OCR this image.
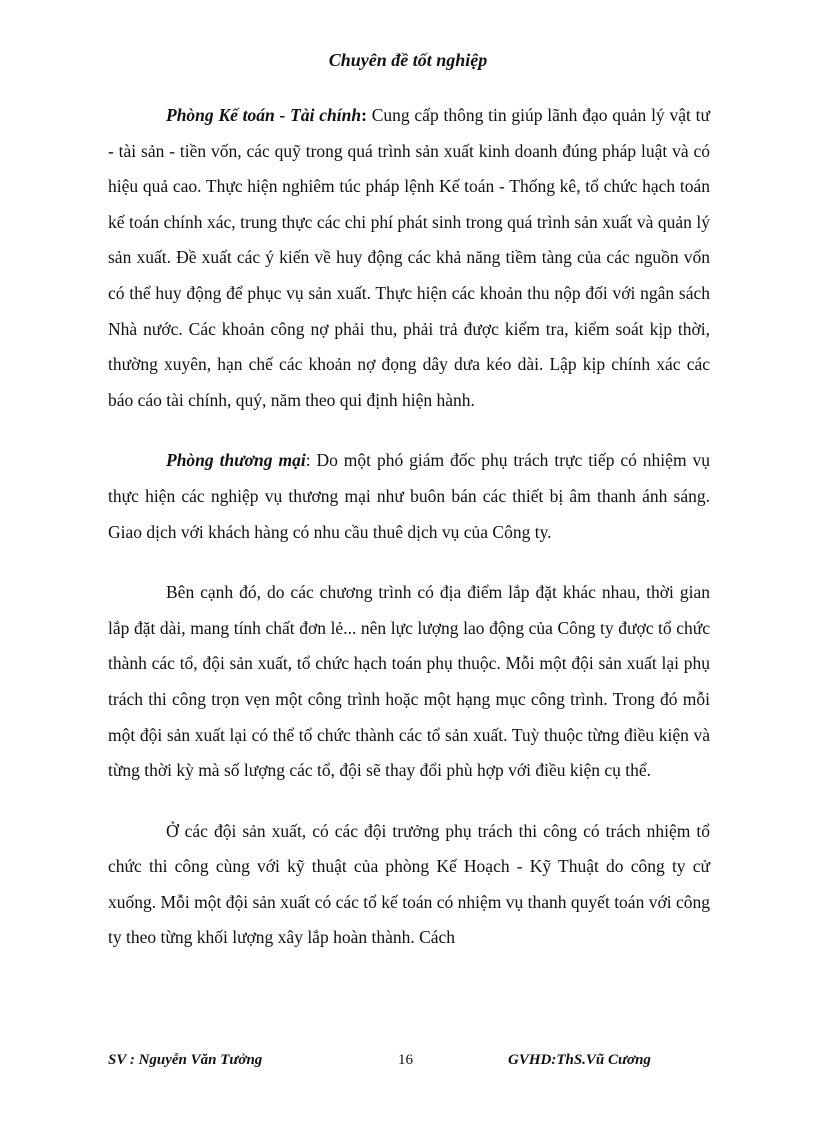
Chuyên đề tốt nghiệp

Phòng Kế toán - Tài chính: Cung cấp thông tin giúp lãnh đạo quản lý vật tư - tài sản - tiền vốn, các quỹ trong quá trình sản xuất kinh doanh đúng pháp luật và có hiệu quả cao. Thực hiện nghiêm túc pháp lệnh Kế toán - Thống kê, tổ chức hạch toán kế toán chính xác, trung thực các chi phí phát sinh trong quá trình sản xuất và quản lý sản xuất. Đề xuất các ý kiến về huy động các khả năng tiềm tàng của các nguồn vốn có thể huy động để phục vụ sản xuất. Thực hiện các khoản thu nộp đối với ngân sách Nhà nước. Các khoản công nợ phải thu, phải trả được kiểm tra, kiểm soát kịp thời, thường xuyên, hạn chế các khoản nợ đọng dây dưa kéo dài. Lập kịp chính xác các báo cáo tài chính, quý, năm theo qui định hiện hành.

Phòng thương mại: Do một phó giám đốc phụ trách trực tiếp có nhiệm vụ thực hiện các nghiệp vụ thương mại như buôn bán các thiết bị âm thanh ánh sáng. Giao dịch với khách hàng có nhu cầu thuê dịch vụ của Công ty.

Bên cạnh đó, do các chương trình có địa điểm lắp đặt khác nhau, thời gian lắp đặt dài, mang tính chất đơn lẻ... nên lực lượng lao động của Công ty được tổ chức thành các tổ, đội sản xuất, tổ chức hạch toán phụ thuộc. Mỗi một đội sản xuất lại phụ trách thi công trọn vẹn một công trình hoặc một hạng mục công trình. Trong đó mỗi một đội sản xuất lại có thể tổ chức thành các tổ sản xuất. Tuỳ thuộc từng điều kiện và từng thời kỳ mà số lượng các tổ, đội sẽ thay đổi phù hợp với điều kiện cụ thể.

Ở các đội sản xuất, có các đội trưởng phụ trách thi công có trách nhiệm tổ chức thi công cùng với kỹ thuật của phòng Kế Hoạch - Kỹ Thuật do công ty cử xuống. Mỗi một đội sản xuất có các tổ kế toán có nhiệm vụ thanh quyết toán với công ty theo từng khối lượng xây lắp hoàn thành. Cách

SV : Nguyễn Văn Tưởng	16	GVHD:ThS.Vũ Cương
